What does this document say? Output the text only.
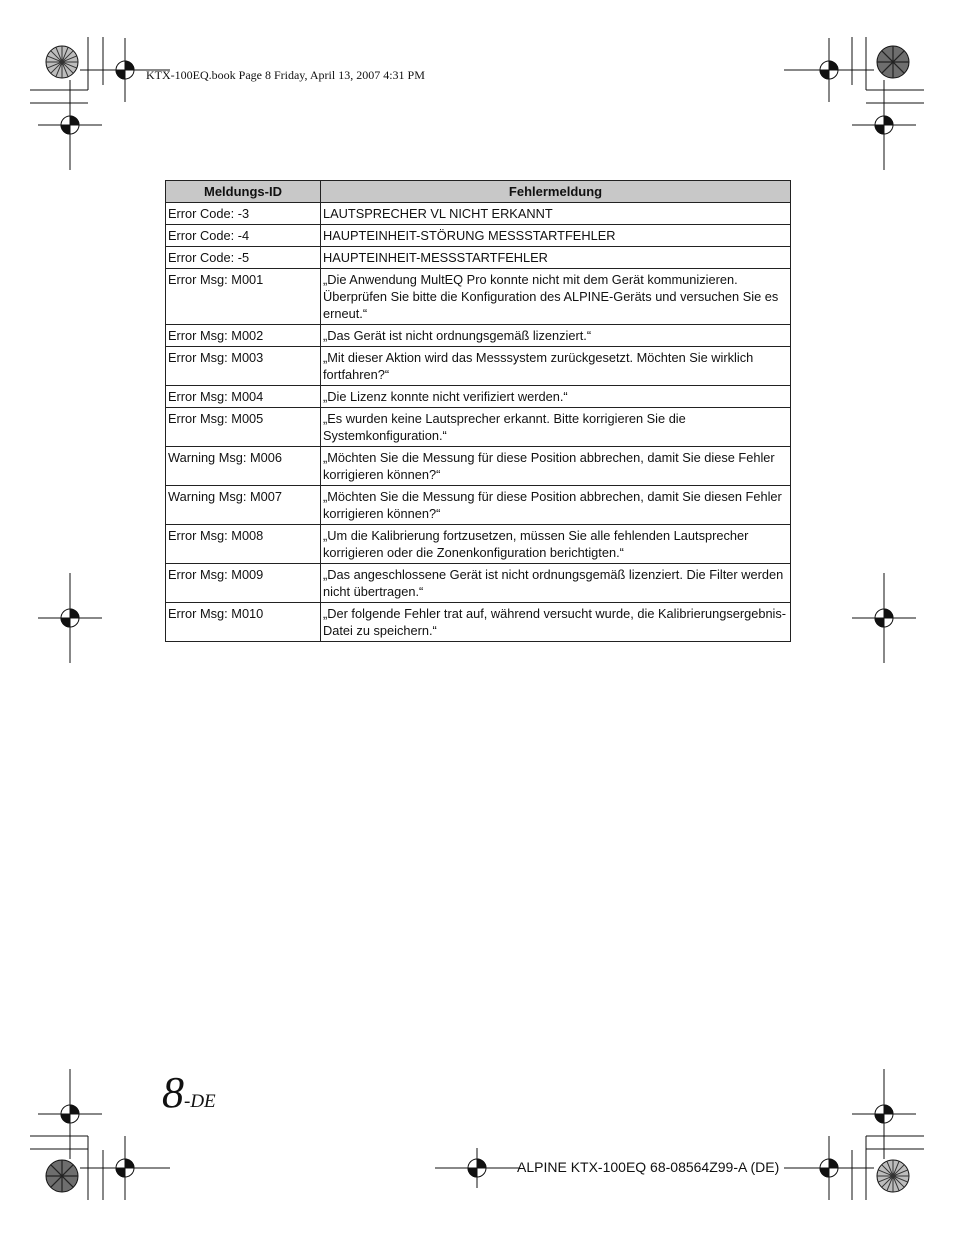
KTX-100EQ.book Page 8 Friday, April 13, 2007 4:31 PM
Meldungs-ID	Fehlermeldung
Error Code: -3	LAUTSPRECHER VL NICHT ERKANNT
Error Code: -4	HAUPTEINHEIT-STÖRUNG MESSSTARTFEHLER
Error Code: -5	HAUPTEINHEIT-MESSSTARTFEHLER
Error Msg: M001	„Die Anwendung MultEQ Pro konnte nicht mit dem Gerät kommunizieren. Überprüfen Sie bitte die Konfiguration des ALPINE-Geräts und versuchen Sie es erneut.“
Error Msg: M002	„Das Gerät ist nicht ordnungsgemäß lizenziert.“
Error Msg: M003	„Mit dieser Aktion wird das Messsystem zurückgesetzt. Möchten Sie wirklich fortfahren?“
Error Msg: M004	„Die Lizenz konnte nicht verifiziert werden.“
Error Msg: M005	„Es wurden keine Lautsprecher erkannt. Bitte korrigieren Sie die Systemkonfiguration.“
Warning Msg: M006	„Möchten Sie die Messung für diese Position abbrechen, damit Sie diese Fehler korrigieren können?“
Warning Msg: M007	„Möchten Sie die Messung für diese Position abbrechen, damit Sie diesen Fehler korrigieren können?“
Error Msg: M008	„Um die Kalibrierung fortzusetzen, müssen Sie alle fehlenden Lautsprecher korrigieren oder die Zonenkonfiguration berichtigten.“
Error Msg: M009	„Das angeschlossene Gerät ist nicht ordnungsgemäß lizenziert. Die Filter werden nicht übertragen.“
Error Msg: M010	„Der folgende Fehler trat auf, während versucht wurde, die Kalibrierungsergebnis-Datei zu speichern.“
8-DE
ALPINE KTX-100EQ 68-08564Z99-A (DE)
